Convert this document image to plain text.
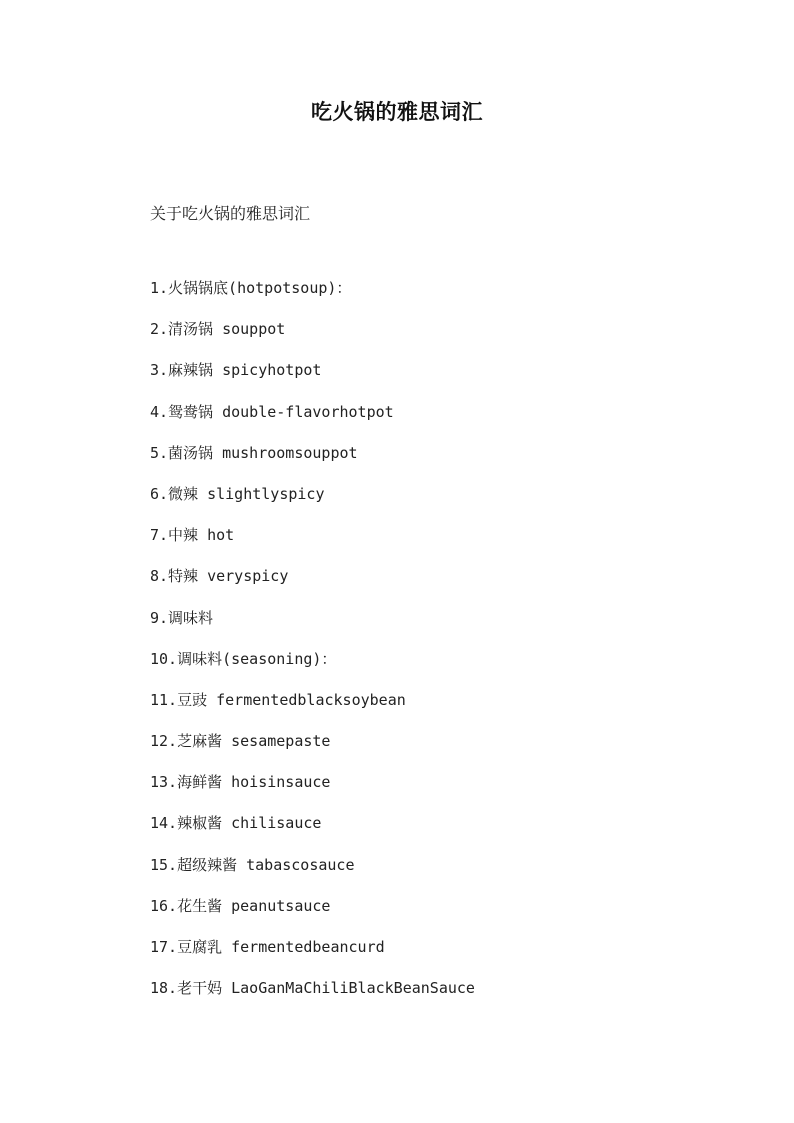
吃火锅的雅思词汇
关于吃火锅的雅思词汇
1.火锅锅底(hotpotsoup)：
2.清汤锅 souppot
3.麻辣锅 spicyhotpot
4.鸳鸯锅 double-flavorhotpot
5.菌汤锅 mushroomsouppot
6.微辣 slightlyspicy
7.中辣 hot
8.特辣 veryspicy
9.调味料
10.调味料(seasoning)：
11.豆豉 fermentedblacksoybean
12.芝麻酱 sesamepaste
13.海鲜酱 hoisinsauce
14.辣椒酱 chilisauce
15.超级辣酱 tabascosauce
16.花生酱 peanutsauce
17.豆腐乳 fermentedbeancurd
18.老干妈 LaoGanMaChiliBlackBeanSauce
